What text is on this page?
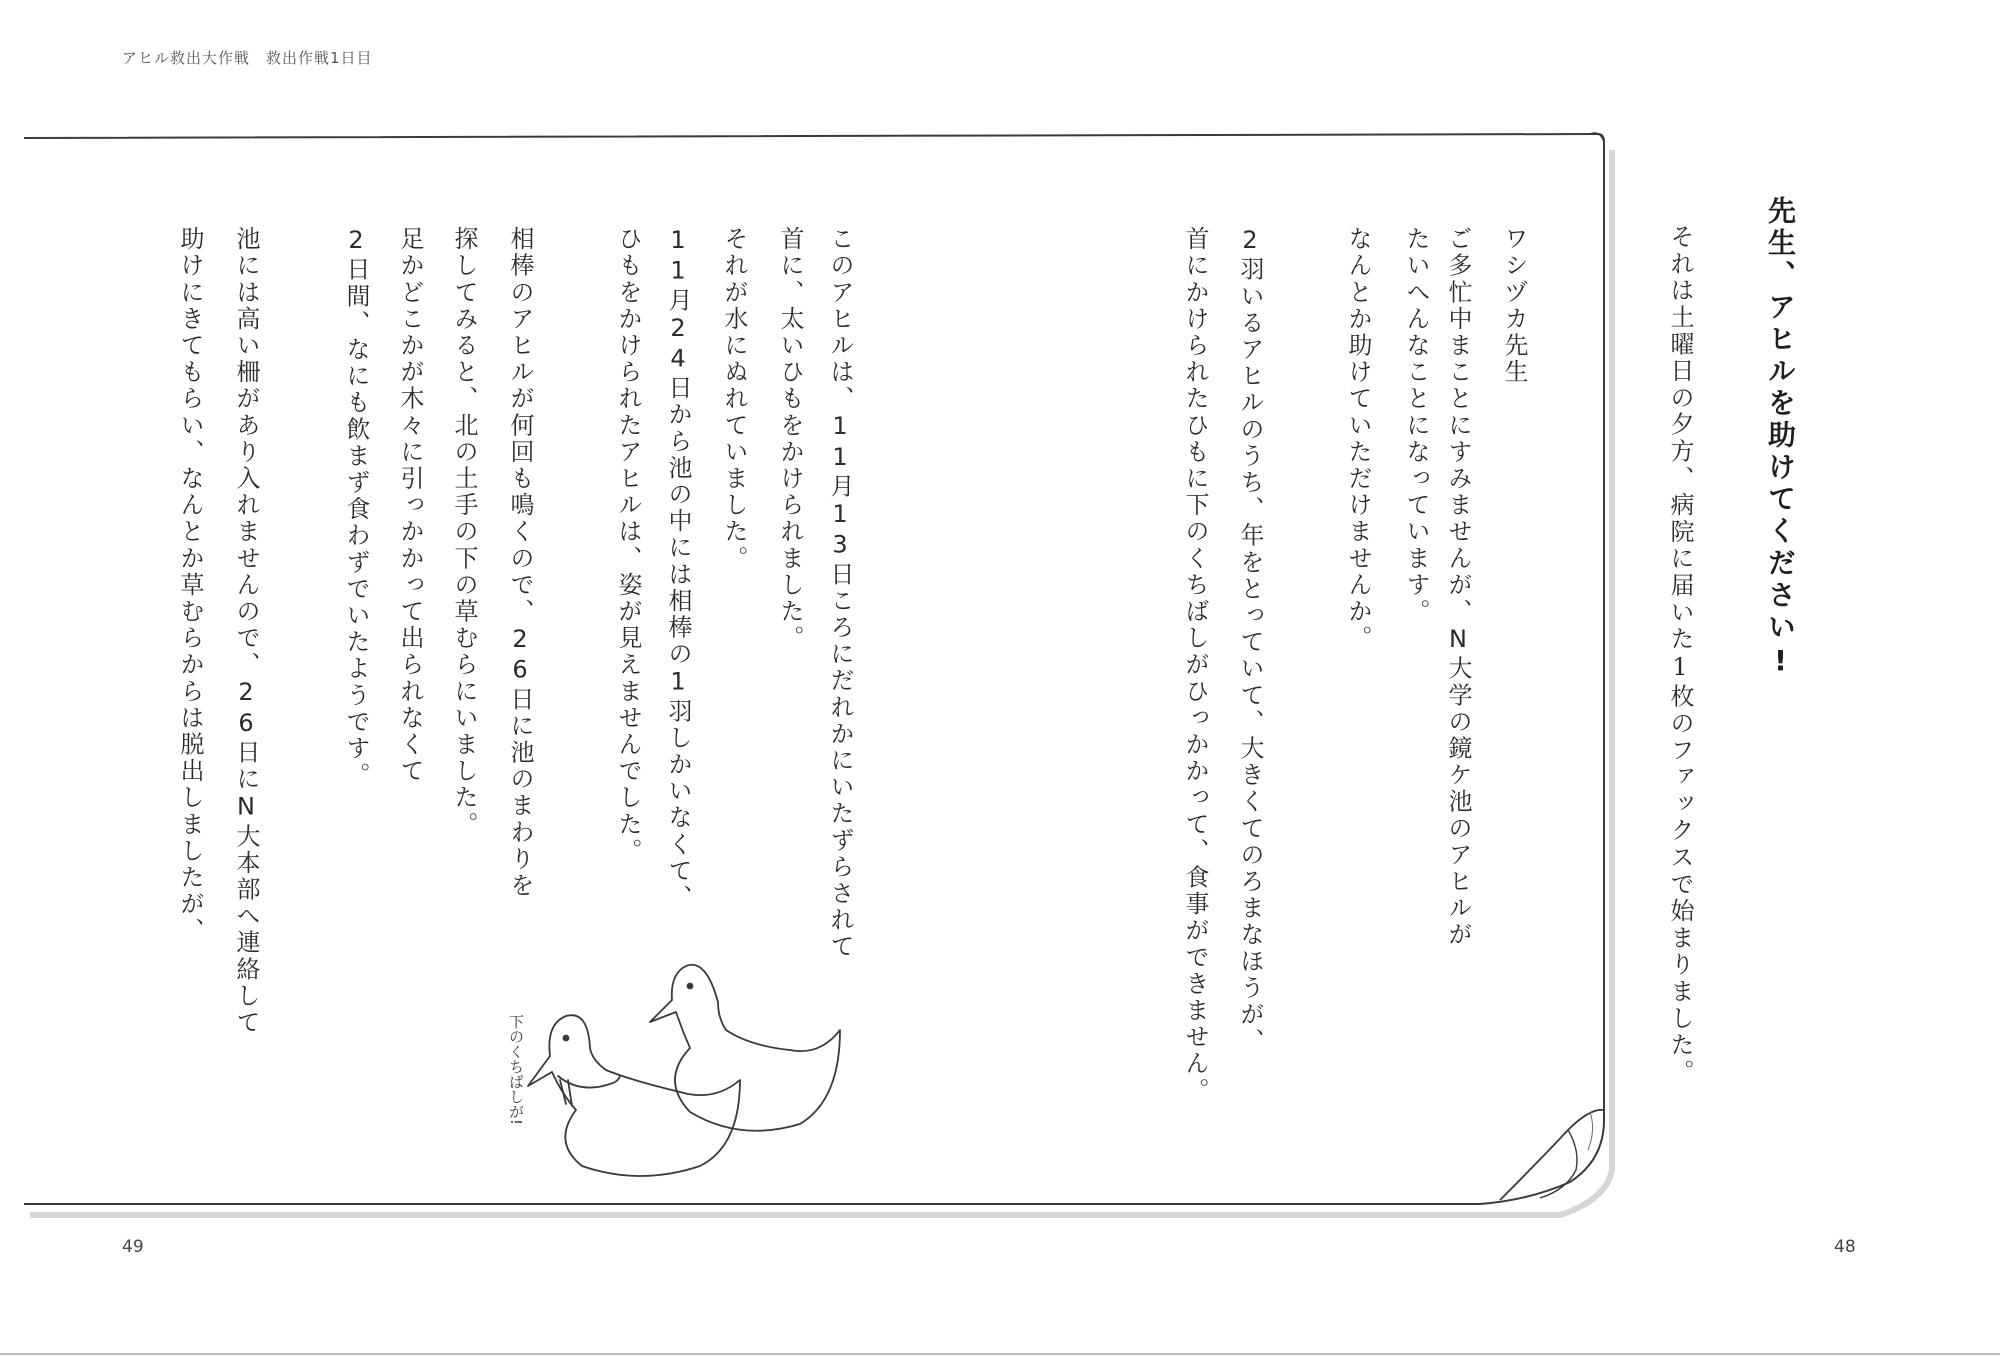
アヒル救出大作戦　救出作戦1日目
49	48
先生、アヒルを助けてください!
それは土曜日の夕方、病院に届いた1枚のファックスで始まりました。
ワシヅカ先生
ご多忙中まことにすみませんが、N大学の鏡ケ池のアヒルが
たいへんなことになっています。
なんとか助けていただけませんか。
2羽いるアヒルのうち、年をとっていて、大きくてのろまなほうが、
首にかけられたひもに下のくちばしがひっかかって、食事ができません。
このアヒルは、11月13日ころにだれかにいたずらされて
首に、太いひもをかけられました。
それが水にぬれていました。
11月24日から池の中には相棒の1羽しかいなくて、
ひもをかけられたアヒルは、姿が見えませんでした。
相棒のアヒルが何回も鳴くので、26日に池のまわりを
探してみると、北の土手の下の草むらにいました。
足かどこかが木々に引っかかって出られなくて
2日間、なにも飲まず食わずでいたようです。
池には高い柵があり入れませんので、26日にN大本部へ連絡して
助けにきてもらい、なんとか草むらからは脱出しましたが、
下のくちばしが!
